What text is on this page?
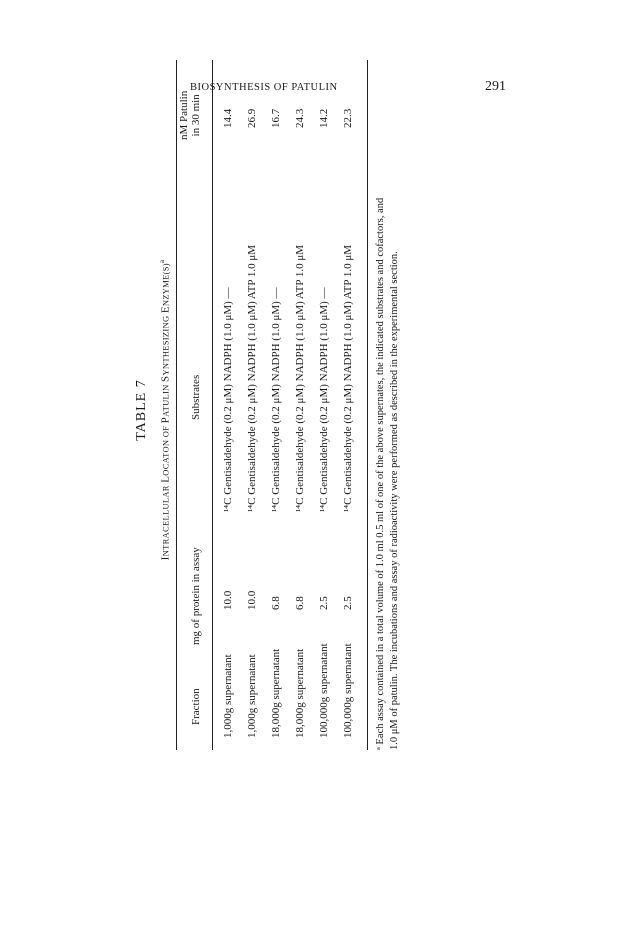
BIOSYNTHESIS OF PATULIN	291
TABLE 7
INTRACELLULAR LOCATON OF PATULIN SYNTHESIZING $ENZYME(S)^a$
Fraction
mg of protein in assay
Substrates
nM Patulin in 30 min
1,000g supernatant
10.0
¹⁴C Gentisaldehyde (0.2 μM) NADPH (1.0 μM) —
14.4
1,000g supernatant
10.0
¹⁴C Gentisaldehyde (0.2 μM) NADPH (1.0 μM) ATP 1.0 μM
26.9
18,000g supernatant
6.8
¹⁴C Gentisaldehyde (0.2 μM) NADPH (1.0 μM) —
16.7
18,000g supernatant
6.8
¹⁴C Gentisaldehyde (0.2 μM) NADPH (1.0 μM) ATP 1.0 μM
24.3
100,000g supernatant
2.5
¹⁴C Gentisaldehyde (0.2 μM) NADPH (1.0 μM) —
14.2
100,000g supernatant
2.5
¹⁴C Gentisaldehyde (0.2 μM) NADPH (1.0 μM) ATP 1.0 μM
22.3
ᵃ Each assay contained in a total volume of 1.0 ml 0.5 ml of one of the above supernates, the indicated substrates and cofactors, and 1.0 μM of patulin. The incubations and assay of radioactivity were performed as described in the experimental section.
